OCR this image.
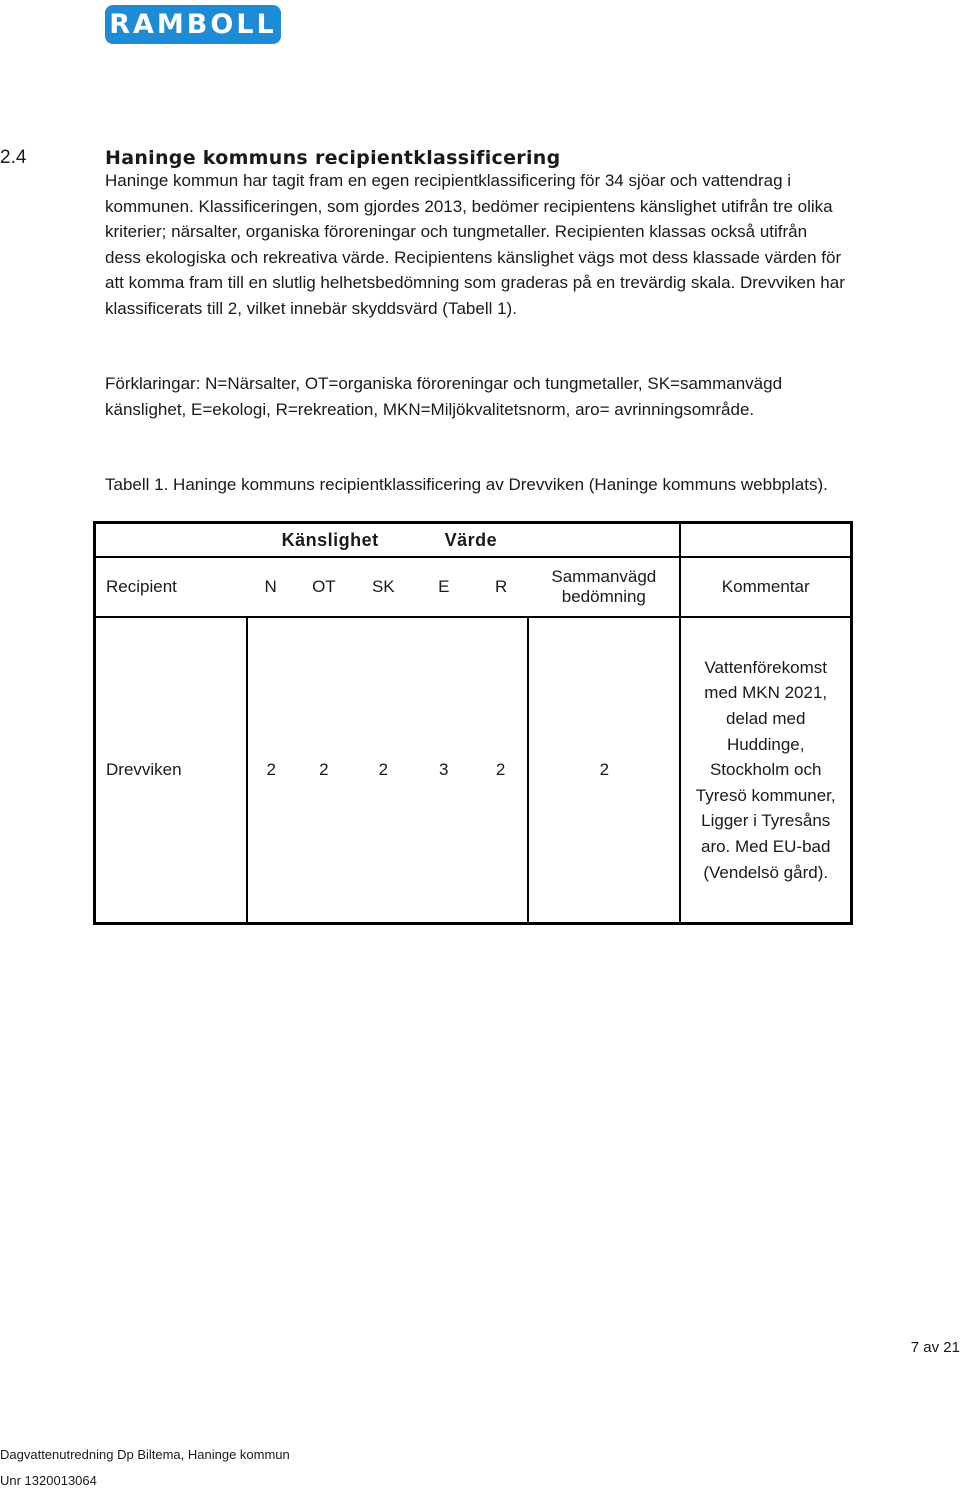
RAMBOLL
2.4	Haninge kommuns recipientklassificering

Haninge kommun har tagit fram en egen recipientklassificering för 34 sjöar och vattendrag i kommunen. Klassificeringen, som gjordes 2013, bedömer recipientens känslighet utifrån tre olika kriterier; närsalter, organiska föroreningar och tungmetaller. Recipienten klassas också utifrån dess ekologiska och rekreativa värde. Recipientens känslighet vägs mot dess klassade värden för att komma fram till en slutlig helhetsbedömning som graderas på en trevärdig skala. Drevviken har klassificerats till 2, vilket innebär skyddsvärd (Tabell 1).

Förklaringar: N=Närsalter, OT=organiska föroreningar och tungmetaller, SK=sammanvägd känslighet, E=ekologi, R=rekreation, MKN=Miljökvalitetsnorm, aro= avrinningsområde.

Tabell 1. Haninge kommuns recipientklassificering av Drevviken (Haninge kommuns webbplats).

	Känslighet			Värde			
Recipient	N	OT	SK	E	R	Sammanvägd bedömning	Kommentar
Drevviken	2	2	2	3	2	2	Vattenförekomst med MKN 2021, delad med Huddinge, Stockholm och Tyresö kommuner, Ligger i Tyresåns aro. Med EU-bad (Vendelsö gård).
7 av 21
Dagvattenutredning Dp Biltema, Haninge kommun
Unr 1320013064
